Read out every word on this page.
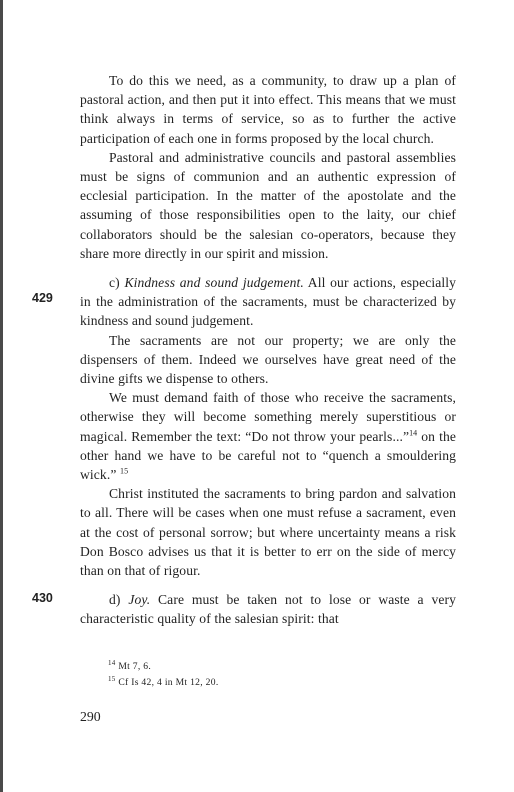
To do this we need, as a community, to draw up a plan of pastoral action, and then put it into effect. This means that we must think always in terms of service, so as to further the active participation of each one in forms proposed by the local church.

Pastoral and administrative councils and pastoral assemblies must be signs of communion and an authentic expression of ecclesial participation. In the matter of the apostolate and the assuming of those responsibilities open to the laity, our chief collaborators should be the salesian co-operators, because they share more directly in our spirit and mission.

c) Kindness and sound judgement. All our actions, especially in the administration of the sacraments, must be characterized by kindness and sound judgement.

The sacraments are not our property; we are only the dispensers of them. Indeed we ourselves have great need of the divine gifts we dispense to others.

We must demand faith of those who receive the sacraments, otherwise they will become something merely superstitious or magical. Remember the text: “Do not throw your pearls...”$^{14}$ on the other hand we have to be careful not to “quench a smouldering wick.” $^{15}$

Christ instituted the sacraments to bring pardon and salvation to all. There will be cases when one must refuse a sacrament, even at the cost of personal sorrow; but where uncertainty means a risk Don Bosco advises us that it is better to err on the side of mercy than on that of rigour.

d) Joy. Care must be taken not to lose or waste a very characteristic quality of the salesian spirit: that

429
430
$^{14}$ Mt 7, 6.
$^{15}$ Cf Is 42, 4 in Mt 12, 20.
290
